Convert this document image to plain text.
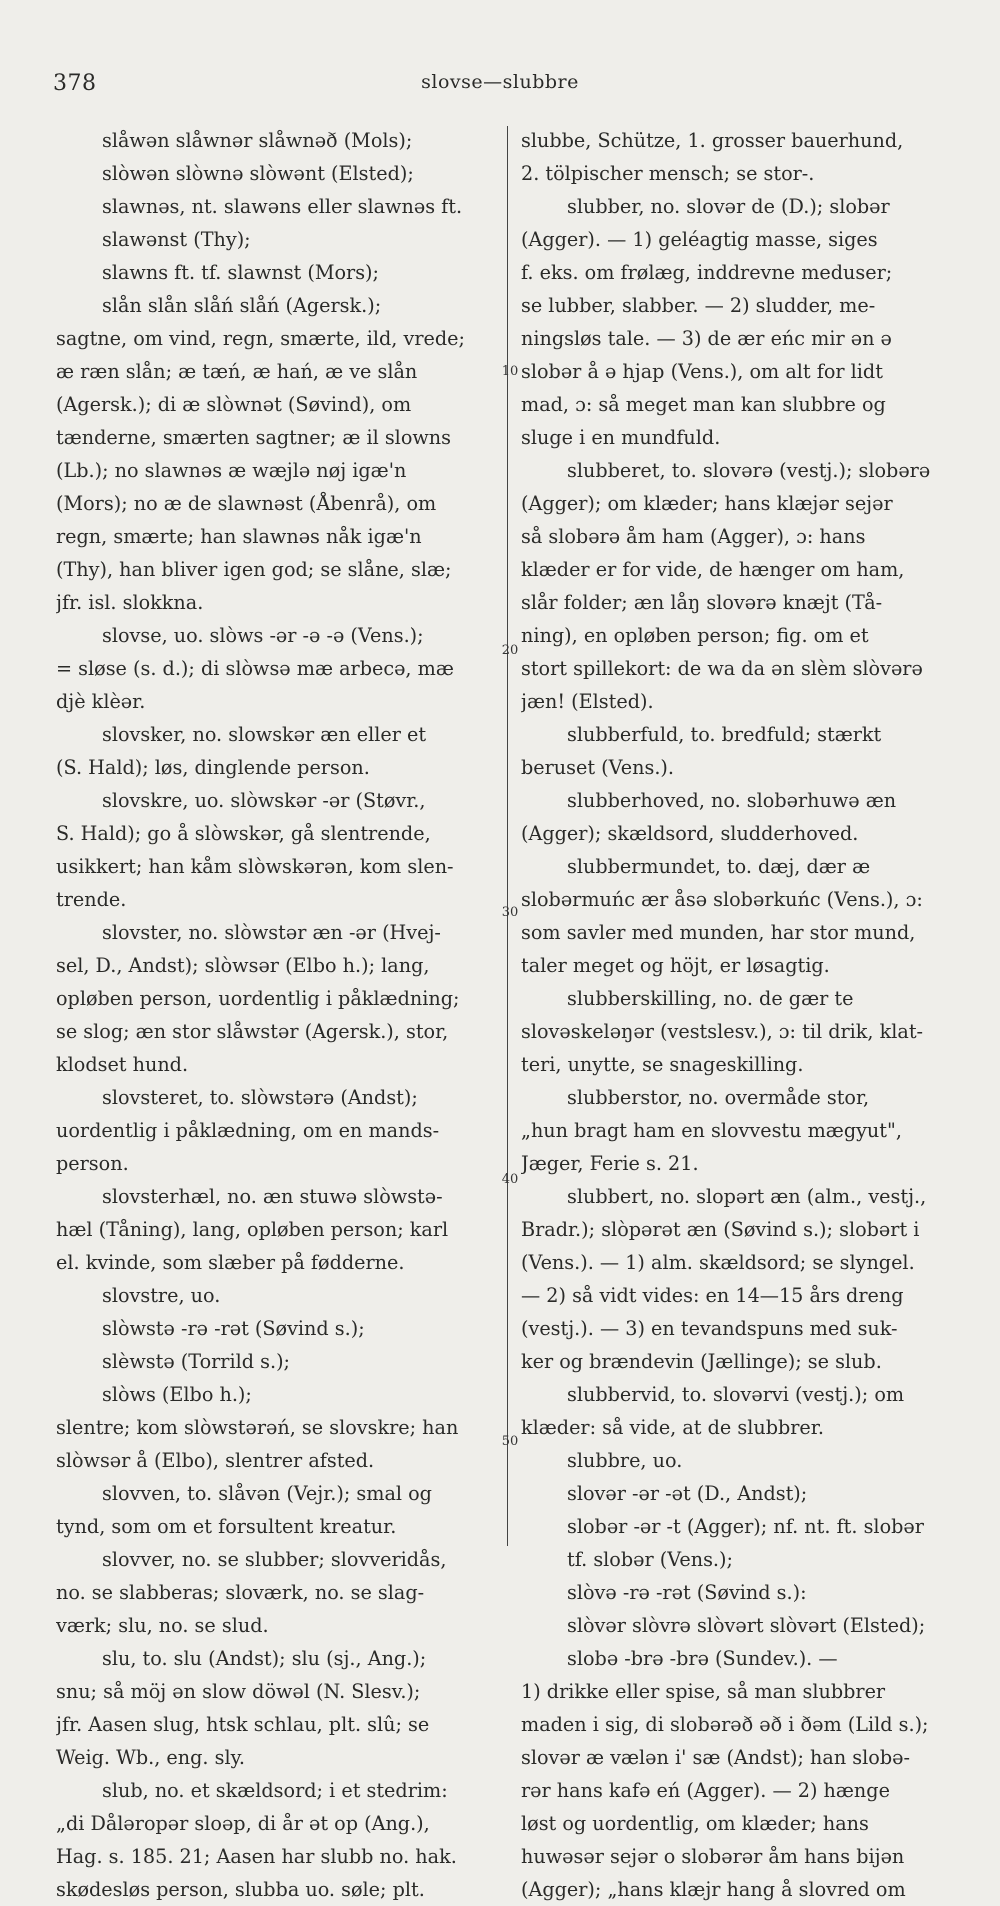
378	slovse—slubbre
slåwən slåwnər slåwnəð (Mols);
slòwən slòwnə slòwənt (Elsted);
slawnəs, nt. slawəns eller slawnəs ft.
slawənst (Thy);
slawns ft. tf. slawnst (Mors);
slån slån slåń slåń (Agersk.);
sagtne, om vind, regn, smærte, ild, vrede;
æ ræn slån; æ tæń, æ hań, æ ve slån
(Agersk.); di æ slòwnət (Søvind), om
tænderne, smærten sagtner; æ il slowns
(Lb.); no slawnəs æ wæjlə nøj igæ'n
(Mors); no æ de slawnəst (Åbenrå), om
regn, smærte; han slawnəs nåk igæ'n
(Thy), han bliver igen god; se slåne, slæ;
jfr. isl. slokkna.
slovse, uo. slòws -ər -ə -ə (Vens.);
= sløse (s. d.); di slòwsə mæ arbecə, mæ
djè klèər.
slovsker, no. slowskər æn eller et
(S. Hald); løs, dinglende person.
slovskre, uo. slòwskər -ər (Støvr.,
S. Hald); go å slòwskər, gå slentrende,
usikkert; han kåm slòwskərən, kom slen-
trende.
slovster, no. slòwstər æn -ər (Hvej-
sel, D., Andst); slòwsər (Elbo h.); lang,
opløben person, uordentlig i påklædning;
se slog; æn stor slåwstər (Agersk.), stor,
klodset hund.
slovsteret, to. slòwstərə (Andst);
uordentlig i påklædning, om en mands-
person.
slovsterhæl, no. æn stuwə slòwstə-
hæl (Tåning), lang, opløben person; karl
el. kvinde, som slæber på fødderne.
slovstre, uo.
slòwstə -rə -rət (Søvind s.);
slèwstə (Torrild s.);
slòws (Elbo h.);
slentre; kom slòwstərəń, se slovskre; han
slòwsər å (Elbo), slentrer afsted.
slovven, to. slåvən (Vejr.); smal og
tynd, som om et forsultent kreatur.
slovver, no. se slubber; slovveridås,
no. se slabberas; sloværk, no. se slag-
værk; slu, no. se slud.
slu, to. slu (Andst); slu (sj., Ang.);
snu; så möj ən slow döwəl (N. Slesv.);
jfr. Aasen slug, htsk schlau, plt. slû; se
Weig. Wb., eng. sly.
slub, no. et skældsord; i et stedrim:
„di Dåləropər sloəp, di år ət op (Ang.),
Hag. s. 185. 21; Aasen har slubb no. hak.
skødesløs person, slubba uo. søle; plt.
slubbe, Schütze, 1. grosser bauerhund,
2. tölpischer mensch; se stor-.
slubber, no. slovər de (D.); slobər
(Agger). — 1) geléagtig masse, siges
f. eks. om frølæg, inddrevne meduser;
se lubber, slabber. — 2) sludder, me-
ningsløs tale. — 3) de ær eńc mir ən ə
slobər å ə hjap (Vens.), om alt for lidt
mad, ɔ: så meget man kan slubbre og
sluge i en mundfuld.
slubberet, to. slovərə (vestj.); slobərə
(Agger); om klæder; hans klæjər sejər
så slobərə åm ham (Agger), ɔ: hans
klæder er for vide, de hænger om ham,
slår folder; æn låŋ slovərə knæjt (Tå-
ning), en opløben person; fig. om et
stort spillekort: de wa da ən slèm slòvərə
jæn! (Elsted).
slubberfuld, to. bredfuld; stærkt
beruset (Vens.).
slubberhoved, no. slobərhuwə æn
(Agger); skældsord, sludderhoved.
slubbermundet, to. dæj, dær æ
slobərmuńc ær åsə slobərkuńc (Vens.), ɔ:
som savler med munden, har stor mund,
taler meget og höjt, er løsagtig.
slubberskilling, no. de gær te
slovəskeləŋər (vestslesv.), ɔ: til drik, klat-
teri, unytte, se snageskilling.
slubberstor, no. overmåde stor,
„hun bragt ham en slovvestu mægyut",
Jæger, Ferie s. 21.
slubbert, no. slopərt æn (alm., vestj.,
Bradr.); slòpərət æn (Søvind s.); slobərt i
(Vens.). — 1) alm. skældsord; se slyngel.
— 2) så vidt vides: en 14—15 års dreng
(vestj.). — 3) en tevandspuns med suk-
ker og brændevin (Jællinge); se slub.
slubbervid, to. slovərvi (vestj.); om
klæder: så vide, at de slubbrer.
slubbre, uo.
slovər -ər -ət (D., Andst);
slobər -ər -t (Agger); nf. nt. ft. slobər
tf. slobər (Vens.);
slòvə -rə -rət (Søvind s.):
slòvər slòvrə slòvərt slòvərt (Elsted);
slobə -brə -brə (Sundev.). —
1) drikke eller spise, så man slubbrer
maden i sig, di slobərəð əð i ðəm (Lild s.);
slovər æ vælən i' sæ (Andst); han slobə-
rər hans kafə eń (Agger). — 2) hænge
løst og uordentlig, om klæder; hans
huwəsər sejər o slobərər åm hans bijən
(Agger); „hans klæjr hang å slovred om
10
20
30
40
50
